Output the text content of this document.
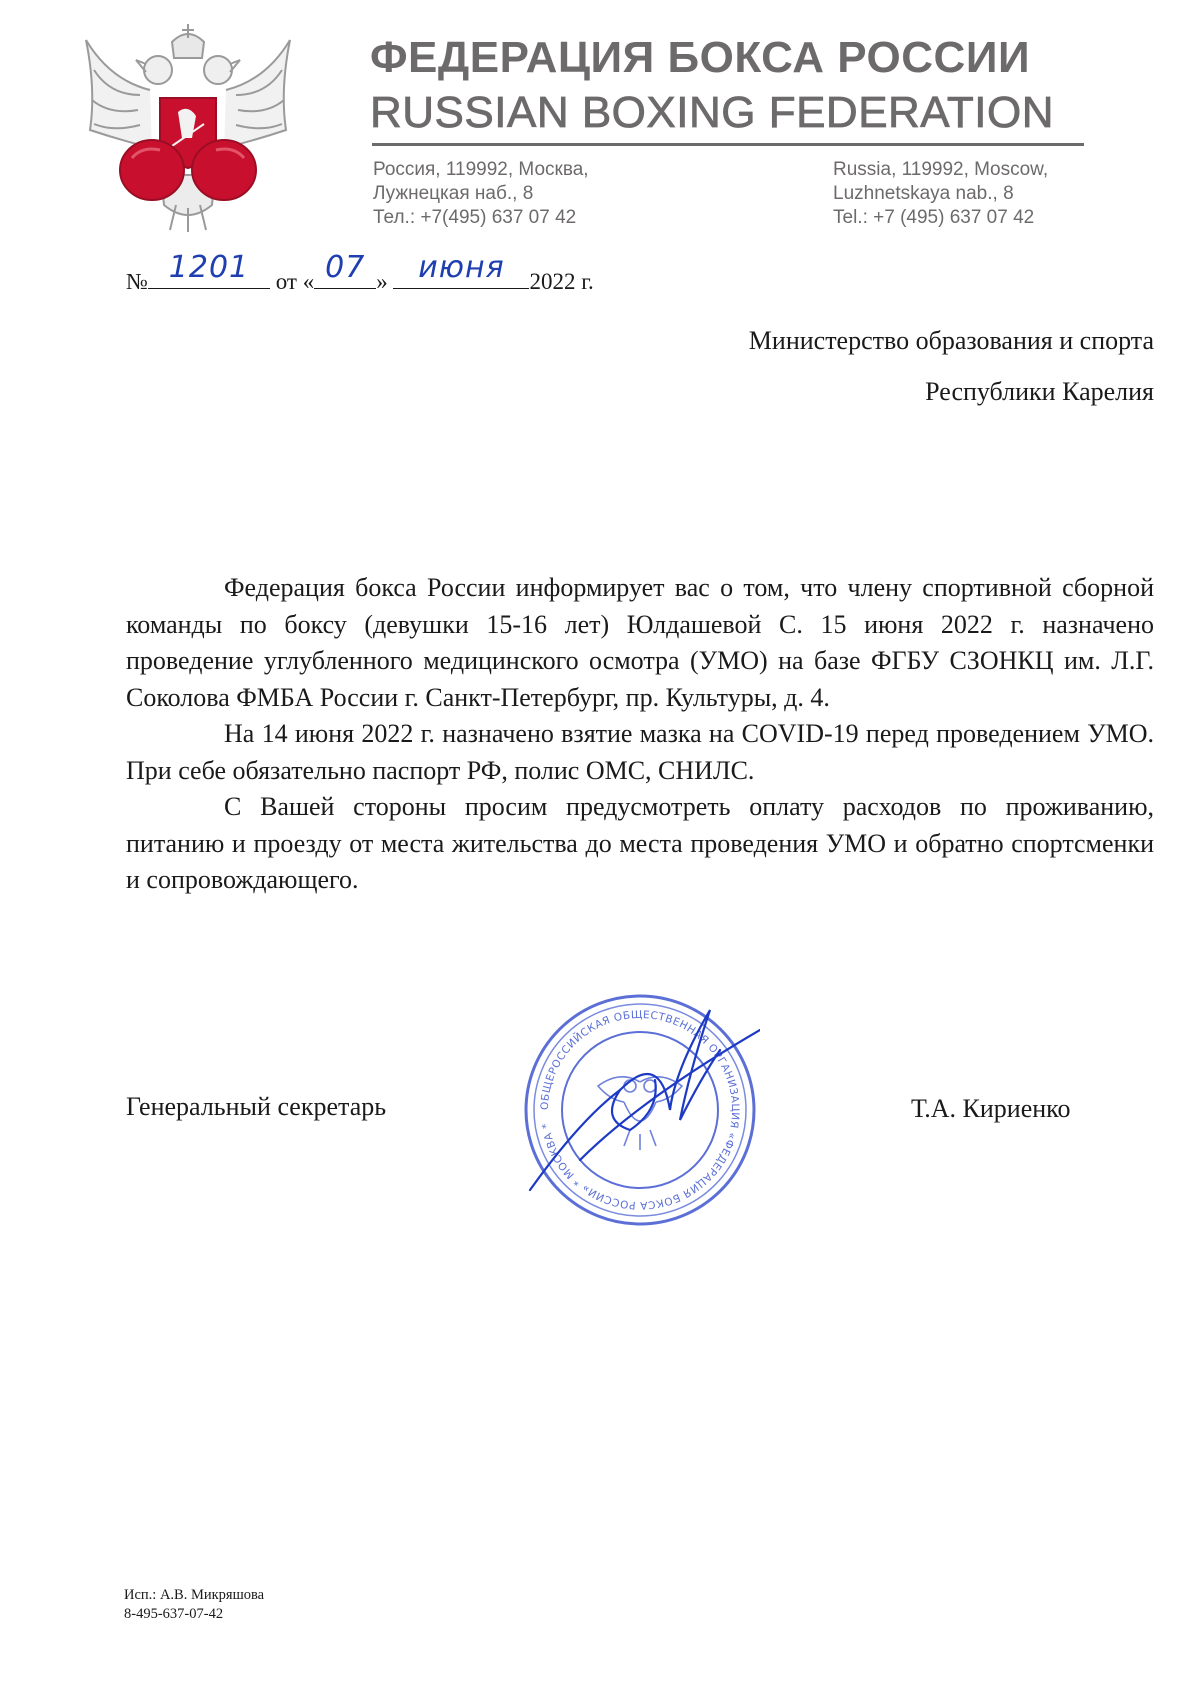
ФЕДЕРАЦИЯ БОКСА РОССИИ
RUSSIAN BOXING FEDERATION
Россия, 119992, Москва,
Лужнецкая наб., 8
Тел.: +7(495) 637 07 42
Russia, 119992, Moscow,
Luzhnetskaya nab., 8
Tel.: +7 (495) 637 07 42
№ 1201	от « 07 »	июня	2022 г.
Министерство образования и спорта
Республики Карелия

Федерация бокса России информирует вас о том, что члену спортивной сборной команды по боксу (девушки 15-16 лет) Юлдашевой С. 15 июня 2022 г. назначено проведение углубленного медицинского осмотра (УМО) на базе ФГБУ СЗОНКЦ им. Л.Г. Соколова ФМБА России г. Санкт-Петербург, пр. Культуры, д. 4.

На 14 июня 2022 г. назначено взятие мазка на COVID-19 перед проведением УМО. При себе обязательно паспорт РФ, полис ОМС, СНИЛС.

С Вашей стороны просим предусмотреть оплату расходов по проживанию, питанию и проезду от места жительства до места проведения УМО и обратно спортсменки и сопровождающего.

Генеральный секретарь	ОБЩЕРОССИЙСКАЯ ОБЩЕСТВЕННАЯ ОРГАНИЗАЦИЯ «ФЕДЕРАЦИЯ БОКСА РОССИИ» * МОСКВА *
Т.А. Кириенко
Исп.: А.В. Микряшова
8-495-637-07-42
